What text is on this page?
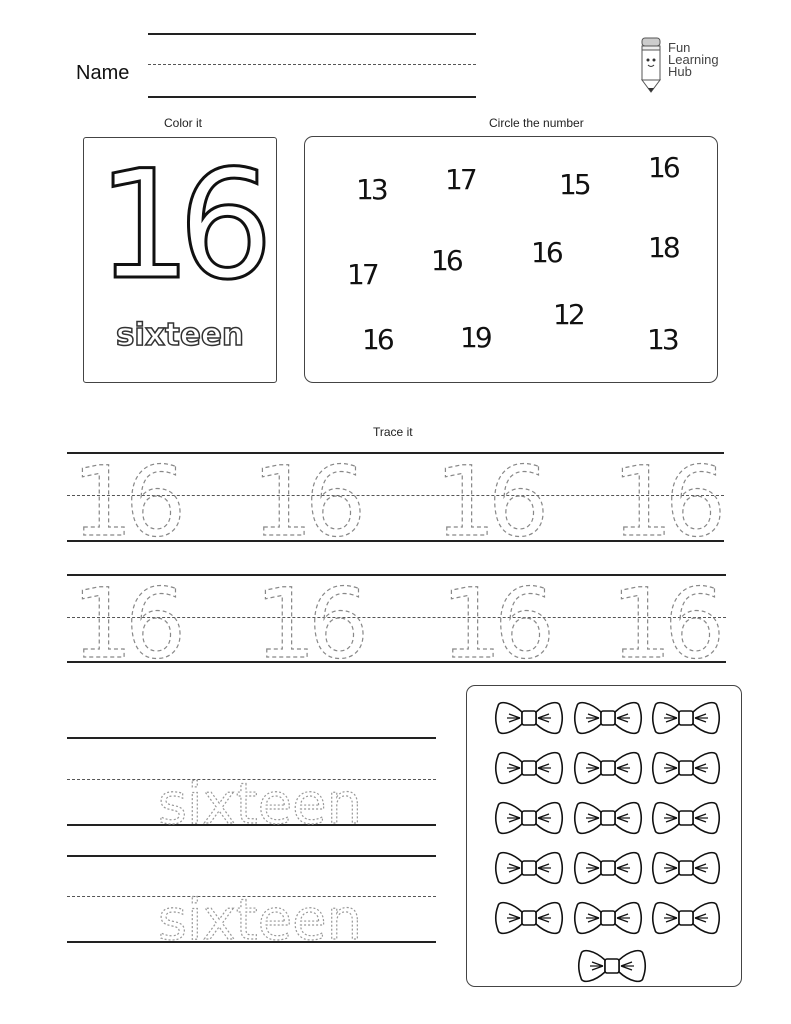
Name
Fun
Learning
Hub
Color it
16
sixteen
Circle the number
13 17	15
16
17 16	16	18
16 19
12
13
Trace it
16 16 16 16
16 16 16 16
sixteen
sixteen
